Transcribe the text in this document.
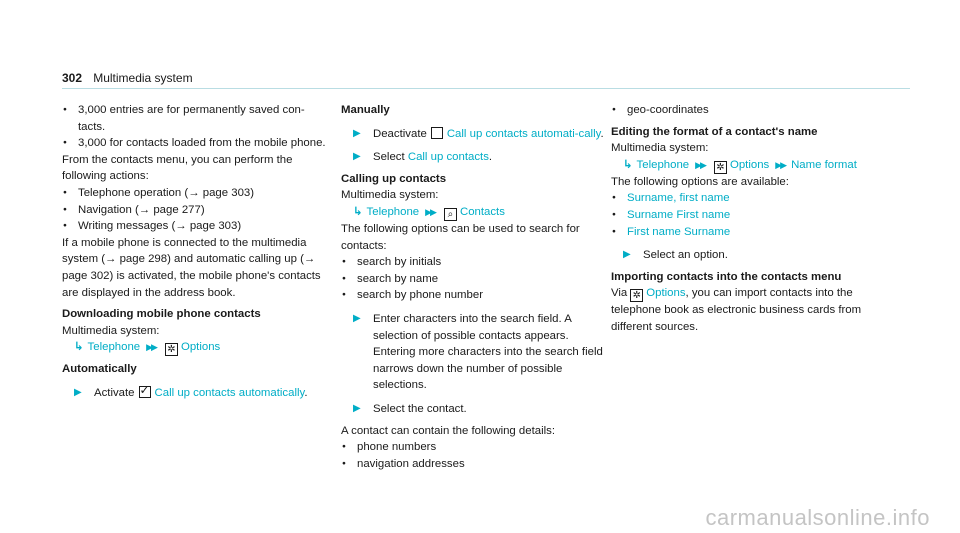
302 Multimedia system

● 3,000 entries are for permanently saved con-tacts.

● 3,000 for contacts loaded from the mobile phone.

From the contacts menu, you can perform the following actions:

● Telephone operation (→ page 303)

● Navigation (→ page 277)

● Writing messages (→ page 303)

If a mobile phone is connected to the multimedia system (→ page 298) and automatic calling up (→ page 302) is activated, the mobile phone's contacts are displayed in the address book.

Downloading mobile phone contacts

Multimedia system:

↳ Telephone ▶▶ ✲ Options

Automatically

▶ Activate✓ Call up contacts automatically.

Manually

▶ Deactivate Call up contacts automati-cally.

▶ Select Call up contacts.

Calling up contacts

Multimedia system:

↳ Telephone ▶▶ ⌕ Contacts

The following options can be used to search for contacts:

● search by initials

● search by name

● search by phone number

▶ Enter characters into the search field. A selection of possible contacts appears. Entering more characters into the search field narrows down the number of possible selections.

▶ Select the contact.

A contact can contain the following details:

● phone numbers

● navigation addresses

● geo-coordinates

Editing the format of a contact's name

Multimedia system:

↳ Telephone ▶▶ ✲ Options ▶▶ Name format

The following options are available:

● Surname, first name

● Surname First name

● First name Surname

▶ Select an option.

Importing contacts into the contacts menu

Via ✲ Options, you can import contacts into the telephone book as electronic business cards from different sources.

carmanualsonline.info
